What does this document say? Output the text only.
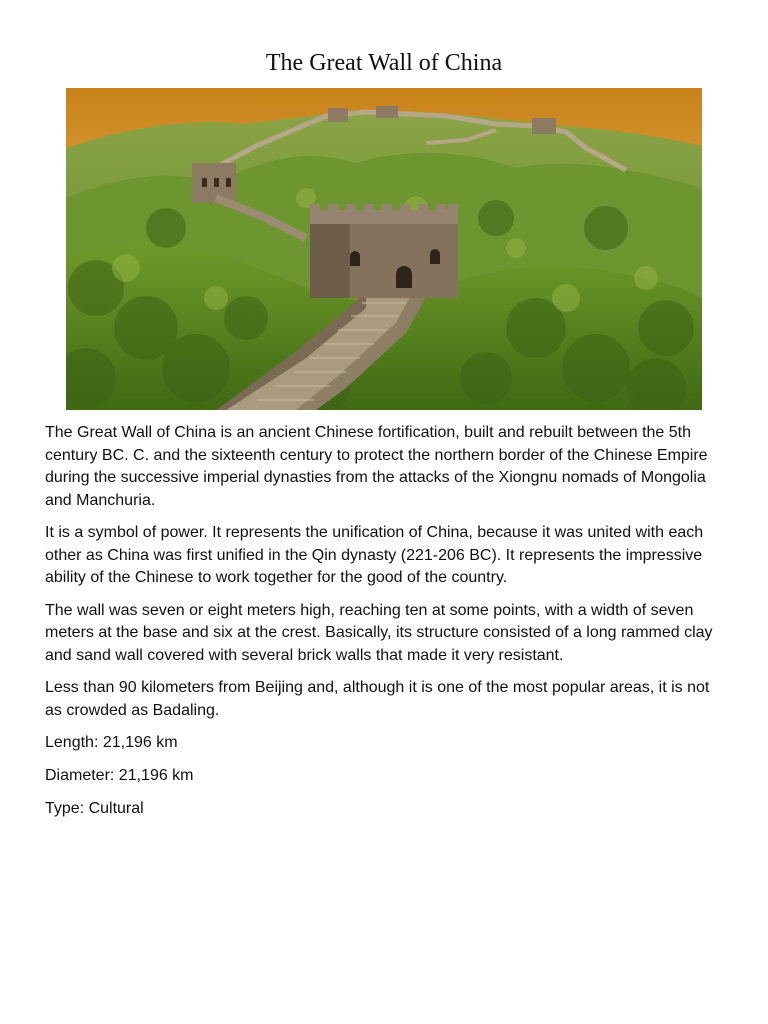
The Great Wall of China

The Great Wall of China is an ancient Chinese fortification, built and rebuilt between the 5th century BC. C. and the sixteenth century to protect the northern border of the Chinese Empire during the successive imperial dynasties from the attacks of the Xiongnu nomads of Mongolia and Manchuria.

It is a symbol of power. It represents the unification of China, because it was united with each other as China was first unified in the Qin dynasty (221-206 BC). It represents the impressive ability of the Chinese to work together for the good of the country.

The wall was seven or eight meters high, reaching ten at some points, with a width of seven meters at the base and six at the crest. Basically, its structure consisted of a long rammed clay and sand wall covered with several brick walls that made it very resistant.

Less than 90 kilometers from Beijing and, although it is one of the most popular areas, it is not as crowded as Badaling.

Length: 21,196 km

Diameter: 21,196 km

Type: Cultural
